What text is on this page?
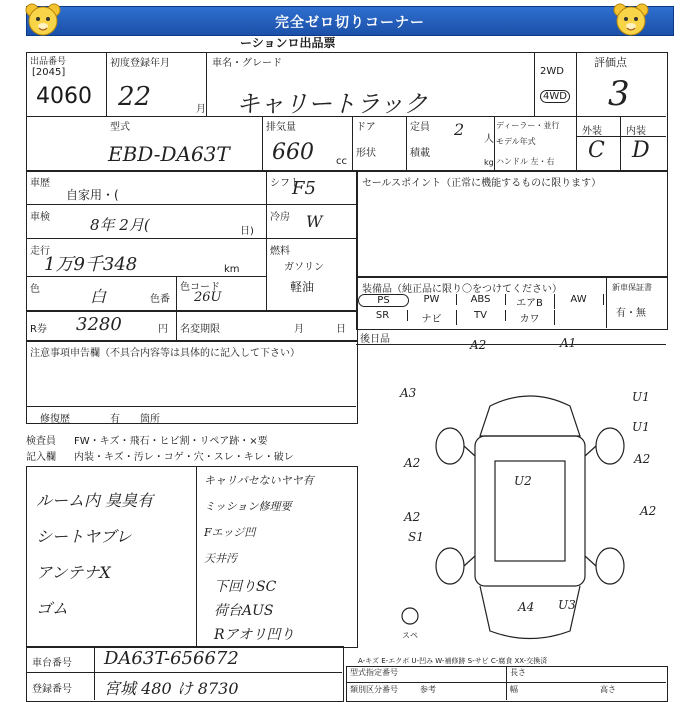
完全ゼロ切りコーナー
ーションロ出品票
出品番号
[2045]
4060
初度登録年月
22	月
車名・グレード
キャリートラック
2WD
4WD
評価点
3
型式
EBD-DA63T
排気量
660 cc
ドア
形状
定員 2
人
積載
kg
ディーラー・並行
モデル年式
ハンドル 左・右
外装 内装
C D
車歴
自家用・(
車検	8年 2月(	日)
走行
1万9千348	km
色	白	色番
色コード
26U
シフト
F5
冷房 W
燃料
ガソリン
軽油
セールスポイント（正常に機能するものに限ります）
装備品（純正品に限り〇をつけてください）	新車保証書
有・無
R券 3280	円 名変期限	月	日
後日品
注意事項申告欄（不具合内容等は具体的に記入して下さい）
修復歴	有 箇所
検査員 FW・キズ・飛石・ヒビ割・リペア跡・×要
記入欄 内装・キズ・汚レ・コゲ・穴・スレ・キレ・破レ
スペ
A-キズ E-エクボ U-凹み W-補修跡 S-サビ C-腐食 XX-交換済
車台番号 DA63T-656672
登録番号 宮城 480 け 8730
PS	PW	ABS	エアB	AW
SR	ナビ	TV	カワ
ルーム内 臭臭有
シートヤブレ
アンテナX
ゴム
キャリパセないヤヤ有
ミッション修理要
Fエッジ凹
天井汚
下回りSC
荷台AUS
Rアオリ凹り
A2	A1
A3	U1
U1
A2
U2
A2
A2
S1
A2
A4 U3
型式指定番号
類別区分番号	参考
長さ
幅	高さ
